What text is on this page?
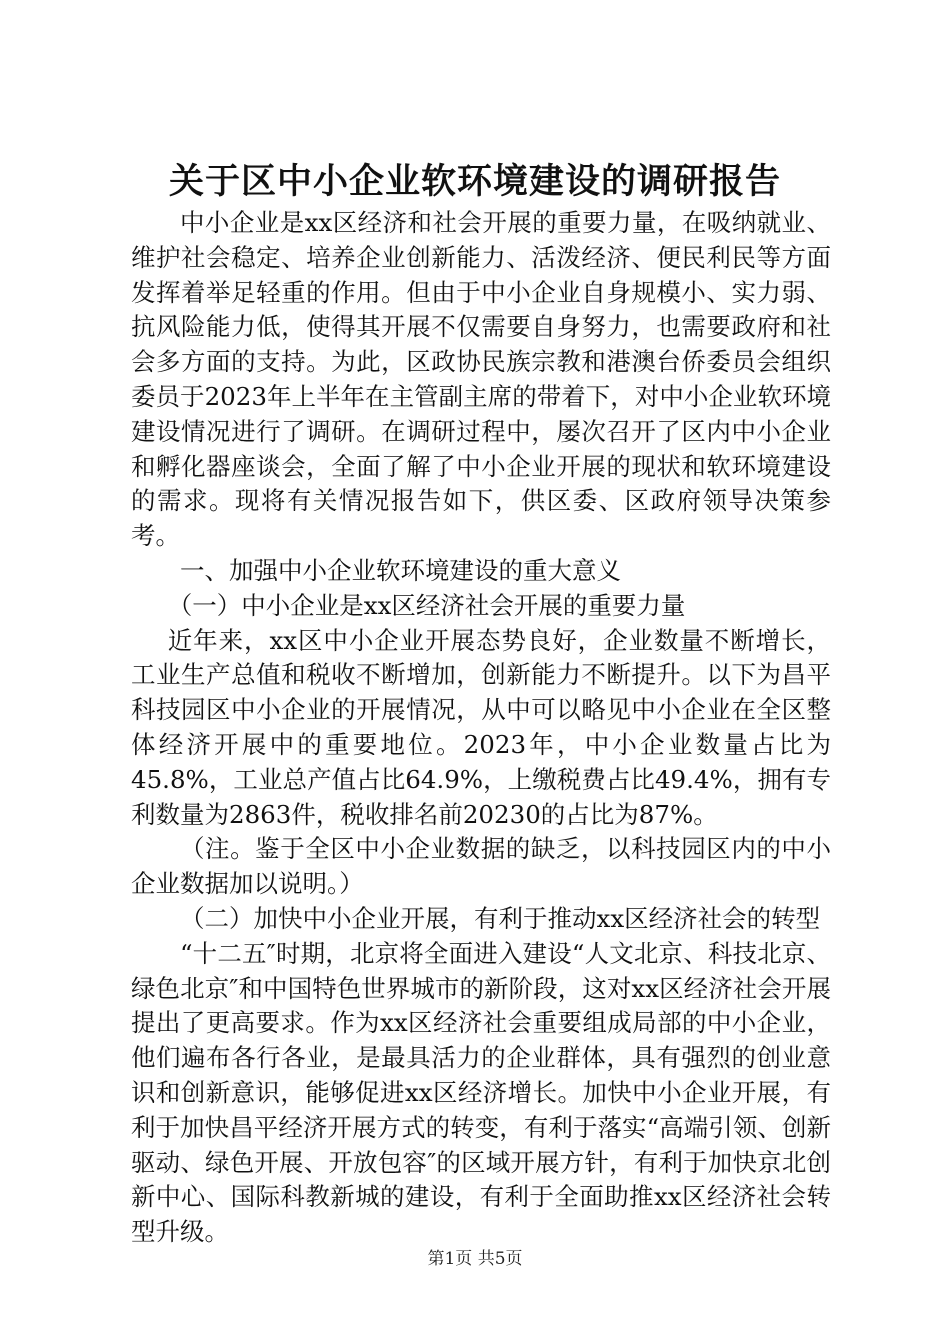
关于区中小企业软环境建设的调研报告

中小企业是xx区经济和社会开展的重要力量，在吸纳就业、维护社会稳定、培养企业创新能力、活泼经济、便民利民等方面发挥着举足轻重的作用。但由于中小企业自身规模小、实力弱、抗风险能力低，使得其开展不仅需要自身努力，也需要政府和社会多方面的支持。为此，区政协民族宗教和港澳台侨委员会组织委员于2023年上半年在主管副主席的带着下，对中小企业软环境建设情况进行了调研。在调研过程中，屡次召开了区内中小企业和孵化器座谈会，全面了解了中小企业开展的现状和软环境建设的需求。现将有关情况报告如下，供区委、区政府领导决策参考。

一、加强中小企业软环境建设的重大意义

（一）中小企业是xx区经济社会开展的重要力量

近年来，xx区中小企业开展态势良好，企业数量不断增长，工业生产总值和税收不断增加，创新能力不断提升。以下为昌平科技园区中小企业的开展情况，从中可以略见中小企业在全区整体经济开展中的重要地位。2023年，中小企业数量占比为45.8%，工业总产值占比64.9%，上缴税费占比49.4%，拥有专利数量为2863件，税收排名前20230的占比为87%。

（注。鉴于全区中小企业数据的缺乏，以科技园区内的中小企业数据加以说明。）

（二）加快中小企业开展，有利于推动xx区经济社会的转型

“十二五″时期，北京将全面进入建设“人文北京、科技北京、绿色北京″和中国特色世界城市的新阶段，这对xx区经济社会开展提出了更高要求。作为xx区经济社会重要组成局部的中小企业，他们遍布各行各业，是最具活力的企业群体，具有强烈的创业意识和创新意识，能够促进xx区经济增长。加快中小企业开展，有利于加快昌平经济开展方式的转变，有利于落实“高端引领、创新驱动、绿色开展、开放包容″的区域开展方针，有利于加快京北创新中心、国际科教新城的建设，有利于全面助推xx区经济社会转型升级。

第1页 共5页
